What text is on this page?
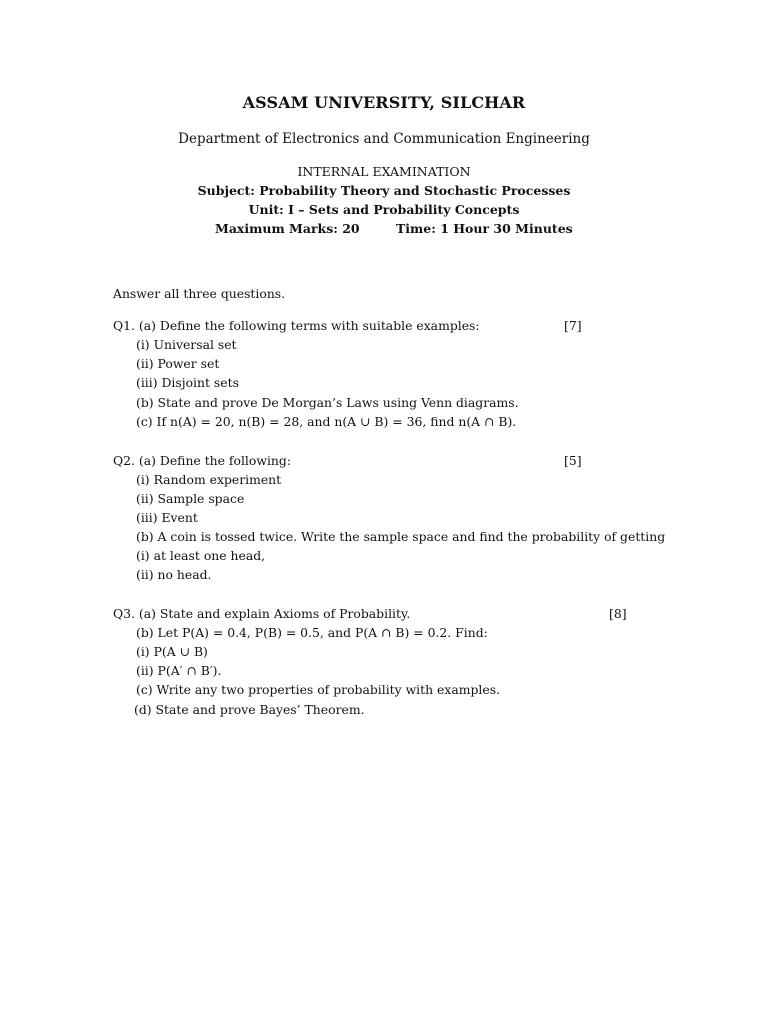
ASSAM UNIVERSITY, SILCHAR
Department of Electronics and Communication Engineering
INTERNAL EXAMINATION
Subject: Probability Theory and Stochastic Processes
Unit: I – Sets and Probability Concepts
Maximum Marks: 20	Time: 1 Hour 30 Minutes
Answer all three questions.
Q1. (a) Define the following terms with suitable examples:	[7]
(i) Universal set
(ii) Power set
(iii) Disjoint sets
(b) State and prove De Morgan’s Laws using Venn diagrams.
(c) If n(A) = 20, n(B) = 28, and n(A ∪ B) = 36, find n(A ∩ B).
Q2. (a) Define the following:	[5]
(i) Random experiment
(ii) Sample space
(iii) Event
(b) A coin is tossed twice. Write the sample space and find the probability of getting
(i) at least one head,
(ii) no head.
Q3. (a) State and explain Axioms of Probability.	[8]
(b) Let P(A) = 0.4, P(B) = 0.5, and P(A ∩ B) = 0.2. Find:
(i) P(A ∪ B)
(ii) P(A′ ∩ B′).
(c) Write any two properties of probability with examples.
(d) State and prove Bayes’ Theorem.
